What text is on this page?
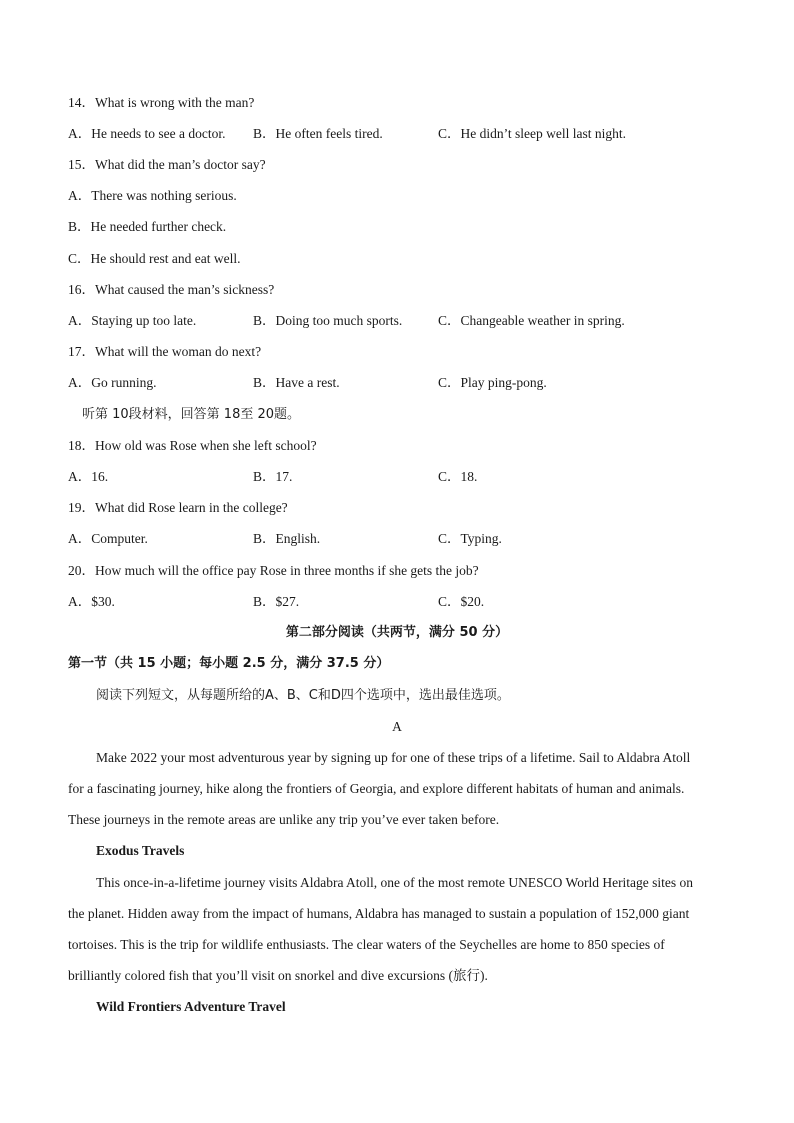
14．What is wrong with the man?
A．He needs to see a doctor. B．He often feels tired.	C．He didn’t sleep well last night.
15．What did the man’s doctor say?
A．There was nothing serious.
B．He needed further check.
C．He should rest and eat well.
16．What caused the man’s sickness?
A．Staying up too late.	B．Doing too much sports.	C．Changeable weather in spring.
17．What will the woman do next?
A．Go running.	B．Have a rest.	C．Play ping-pong.
听第 10段材料，回答第 18至 20题。
18．How old was Rose when she left school?
A．16.	B．17.	C．18.
19．What did Rose learn in the college?
A．Computer.	B．English.	C．Typing.
20．How much will the office pay Rose in three months if she gets the job?
A．$30.	B．$27.	C．$20.
第二部分阅读（共两节，满分 50 分）
第一节（共 15 小题；每小题 2.5 分，满分 37.5 分）
阅读下列短文，从每题所给的A、B、C和D四个选项中，选出最佳选项。
A
Make 2022 your most adventurous year by signing up for one of these trips of a lifetime. Sail to Aldabra Atoll
for a fascinating journey, hike along the frontiers of Georgia, and explore different habitats of human and animals.
These journeys in the remote areas are unlike any trip you’ve ever taken before.
Exodus Travels
This once-in-a-lifetime journey visits Aldabra Atoll, one of the most remote UNESCO World Heritage sites on
the planet. Hidden away from the impact of humans, Aldabra has managed to sustain a population of 152,000 giant
tortoises. This is the trip for wildlife enthusiasts. The clear waters of the Seychelles are home to 850 species of
brilliantly colored fish that you’ll visit on snorkel and dive excursions (旅行).
Wild Frontiers Adventure Travel
